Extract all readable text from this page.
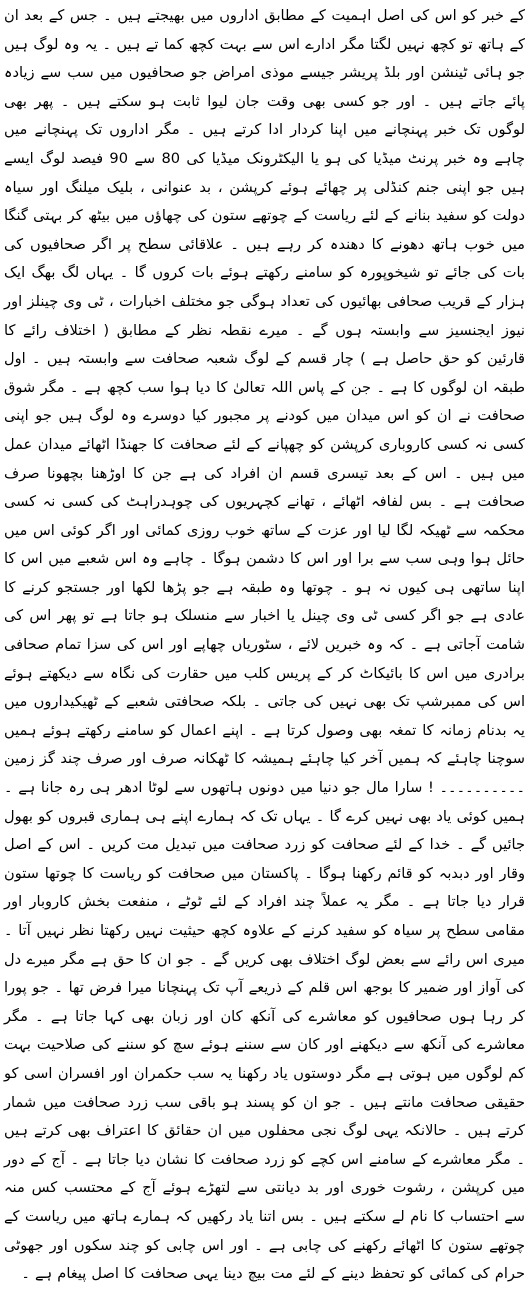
کے خبر کو اس کی اصل اہمیت کے مطابق اداروں میں بھیجتے ہیں ۔ جس کے بعد ان کے ہاتھ تو کچھ نہیں لگتا مگر ادارے اس سے بہت کچھ کما تے ہیں ۔ یہ وہ لوگ ہیں جو ہائی ٹینشن اور بلڈ پریشر جیسے موذی امراض جو صحافیوں میں سب سے زیادہ پائے جاتے ہیں ۔ اور جو کسی بھی وقت جان لیوا ثابت ہو سکتے ہیں ۔ پھر بھی لوگوں تک خبر پہنچانے میں اپنا کردار ادا کرتے ہیں ۔ مگر اداروں تک پہنچانے میں چاہے وہ خبر پرنٹ میڈیا کی ہو یا الیکٹرونک میڈیا کی 80 سے 90 فیصد لوگ ایسے ہیں جو اپنی جنم کنڈلی پر چھائے ہوئے کرپشن ، بد عنوانی ، بلیک میلنگ اور سیاہ دولت کو سفید بنانے کے لئے ریاست کے چوتھے ستون کی چھاؤں میں بیٹھ کر بہتی گنگا میں خوب ہاتھ دھونے کا دھندہ کر رہے ہیں ۔ علاقائی سطح پر اگر صحافیوں کی بات کی جائے تو شیخوپورہ کو سامنے رکھتے ہوئے بات کروں گا ۔ یہاں لگ بھگ ایک ہزار کے قریب صحافی بھائیوں کی تعداد ہوگی جو مختلف اخبارات ، ٹی وی چینلز اور نیوز ایجنسیز سے وابستہ ہوں گے ۔ میرے نقطہ نظر کے مطابق ( اختلاف رائے کا قارئین کو حق حاصل ہے ) چار قسم کے لوگ شعبہ صحافت سے وابستہ ہیں ۔ اول طبقہ ان لوگوں کا ہے ۔ جن کے پاس اللہ تعالیٰ کا دیا ہوا سب کچھ ہے ۔ مگر شوق صحافت نے ان کو اس میدان میں کودنے پر مجبور کیا دوسرے وہ لوگ ہیں جو اپنی کسی نہ کسی کاروباری کرپشن کو چھپانے کے لئے صحافت کا جھنڈا اٹھائے میدان عمل میں ہیں ۔ اس کے بعد تیسری قسم ان افراد کی ہے جن کا اوڑھنا بچھونا صرف صحافت ہے ۔ بس لفافہ اٹھائے ، تھانے کچہریوں کی چوہدراہٹ کی کسی نہ کسی محکمہ سے ٹھیکہ لگا لیا اور عزت کے ساتھ خوب روزی کمائی اور اگر کوئی اس میں حائل ہوا وہی سب سے برا اور اس کا دشمن ہوگا ۔ چاہے وہ اس شعبے میں اس کا اپنا ساتھی ہی کیوں نہ ہو ۔ چوتھا وہ طبقہ ہے جو پڑھا لکھا اور جستجو کرنے کا عادی ہے جو اگر کسی ٹی وی چینل یا اخبار سے منسلک ہو جاتا ہے تو پھر اس کی شامت آجاتی ہے ۔ کہ وہ خبریں لائے ، سٹوریاں چھاپے اور اس کی سزا تمام صحافی برادری میں اس کا بائیکاٹ کر کے پریس کلب میں حقارت کی نگاہ سے دیکھتے ہوئے اس کی ممبرشپ تک بھی نہیں کی جاتی ۔ بلکہ صحافتی شعبے کے ٹھیکیداروں میں یہ بدنام زمانہ کا تمغہ بھی وصول کرتا ہے ۔ اپنے اعمال کو سامنے رکھتے ہوئے ہمیں سوچنا چاہئے کہ ہمیں آخر کیا چاہئے ہمیشہ کا ٹھکانہ صرف اور صرف چند گز زمین ۔۔۔۔۔۔۔۔۔۔ ! سارا مال جو دنیا میں دونوں ہاتھوں سے لوٹا ادھر ہی رہ جانا ہے ۔ ہمیں کوئی یاد بھی نہیں کرے گا ۔ یہاں تک کہ ہمارے اپنے ہی ہماری قبروں کو بھول جائیں گے ۔ خدا کے لئے صحافت کو زرد صحافت میں تبدیل مت کریں ۔ اس کے اصل وقار اور دبدبہ کو قائم رکھنا ہوگا ۔ پاکستان میں صحافت کو ریاست کا چوتھا ستون قرار دیا جاتا ہے ۔ مگر یہ عملاً چند افراد کے لئے ٹوٹے ، منفعت بخش کاروبار اور مقامی سطح پر سیاہ کو سفید کرنے کے علاوہ کچھ حیثیت نہیں رکھتا نظر نہیں آتا ۔ میری اس رائے سے بعض لوگ اختلاف بھی کریں گے ۔ جو ان کا حق ہے مگر میرے دل کی آواز اور ضمیر کا بوجھ اس قلم کے ذریعے آپ تک پہنچانا میرا فرض تھا ۔ جو پورا کر رہا ہوں صحافیوں کو معاشرے کی آنکھ کان اور زبان بھی کہا جاتا ہے ۔ مگر معاشرے کی آنکھ سے دیکھنے اور کان سے سننے ہوئے سچ کو سننے کی صلاحیت بہت کم لوگوں میں ہوتی ہے مگر دوستوں یاد رکھنا یہ سب حکمران اور افسران اسی کو حقیقی صحافت مانتے ہیں ۔ جو ان کو پسند ہو باقی سب زرد صحافت میں شمار کرتے ہیں ۔ حالانکہ یہی لوگ نجی محفلوں میں ان حقائق کا اعتراف بھی کرتے ہیں ۔ مگر معاشرے کے سامنے اس کچے کو زرد صحافت کا نشان دیا جاتا ہے ۔ آج کے دور میں کرپشن ، رشوت خوری اور بد دیانتی سے لتھڑے ہوئے آج کے محتسب کس منہ سے احتساب کا نام لے سکتے ہیں ۔ بس اتنا یاد رکھیں کہ ہمارے ہاتھ میں ریاست کے چوتھے ستون کا اٹھائے رکھنے کی چابی ہے ۔ اور اس چابی کو چند سکوں اور جھوٹی حرام کی کمائی کو تحفظ دینے کے لئے مت بیچ دینا یہی صحافت کا اصل پیغام ہے ۔
